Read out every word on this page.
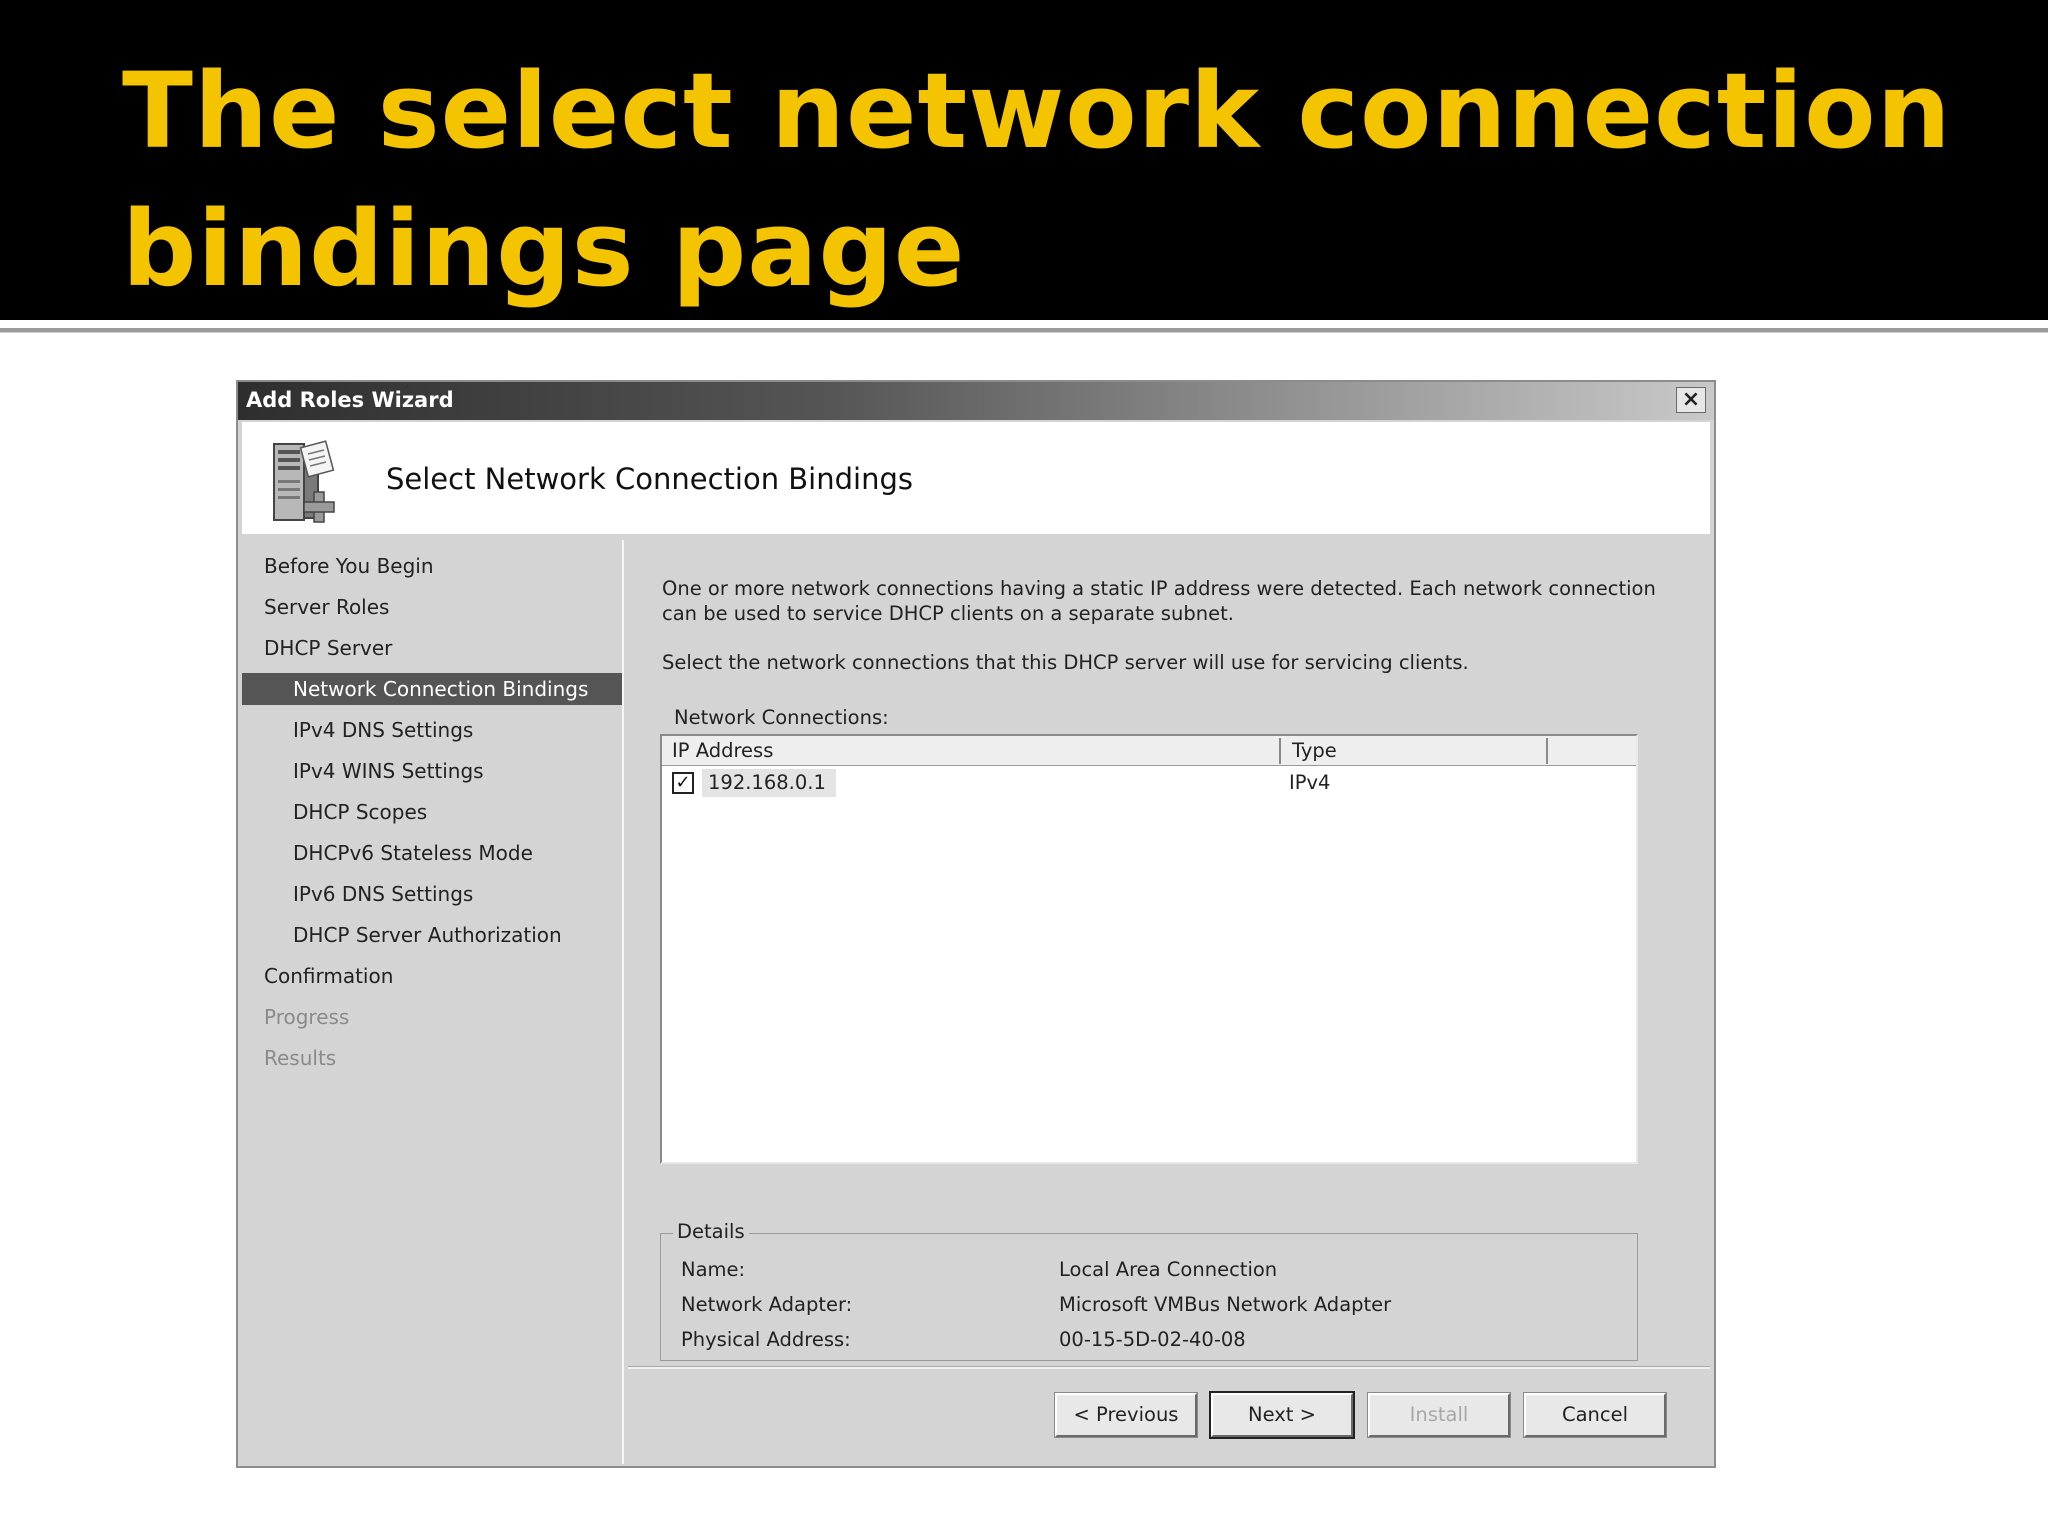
The select network connection
bindings page
Add Roles Wizard	×
Select Network Connection Bindings
Before You Begin
Server Roles
DHCP Server
Network Connection Bindings
IPv4 DNS Settings
IPv4 WINS Settings
DHCP Scopes
DHCPv6 Stateless Mode
IPv6 DNS Settings
DHCP Server Authorization
Confirmation
Progress
Results
One or more network connections having a static IP address were detected. Each network connection can be used to service DHCP clients on a separate subnet.
Select the network connections that this DHCP server will use for servicing clients.
Network Connections:
IP Address	Type
✓ 192.168.0.1	IPv4
Details
Name:	Local Area Connection
Network Adapter:	Microsoft VMBus Network Adapter
Physical Address:	00-15-5D-02-40-08
< Previous	Next >	Install	Cancel
